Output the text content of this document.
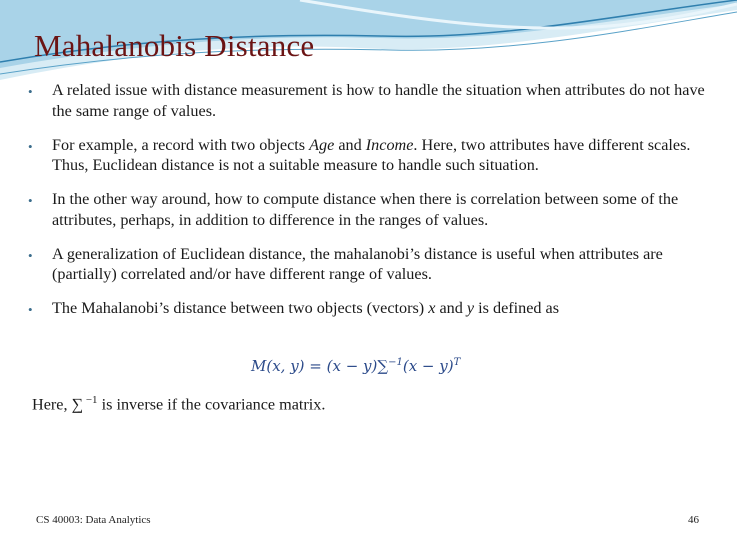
Mahalanobis Distance
• A related issue with distance measurement is how to handle the situation when attributes do not have the same range of values.
• For example, a record with two objects Age and Income. Here, two attributes have different scales. Thus, Euclidean distance is not a suitable measure to handle such situation.
• In the other way around, how to compute distance when there is correlation between some of the attributes, perhaps, in addition to difference in the ranges of values.
• A generalization of Euclidean distance, the mahalanobi’s distance is useful when attributes are (partially) correlated and/or have different range of values.
• The Mahalanobi’s distance between two objects (vectors) x and y is defined as
M(x, $y) = (x - y)\sum^{-1}(x - y)^T$
Here, ∑ $^{-1}$ is inverse if the covariance matrix.
CS 40003: Data Analytics	46
